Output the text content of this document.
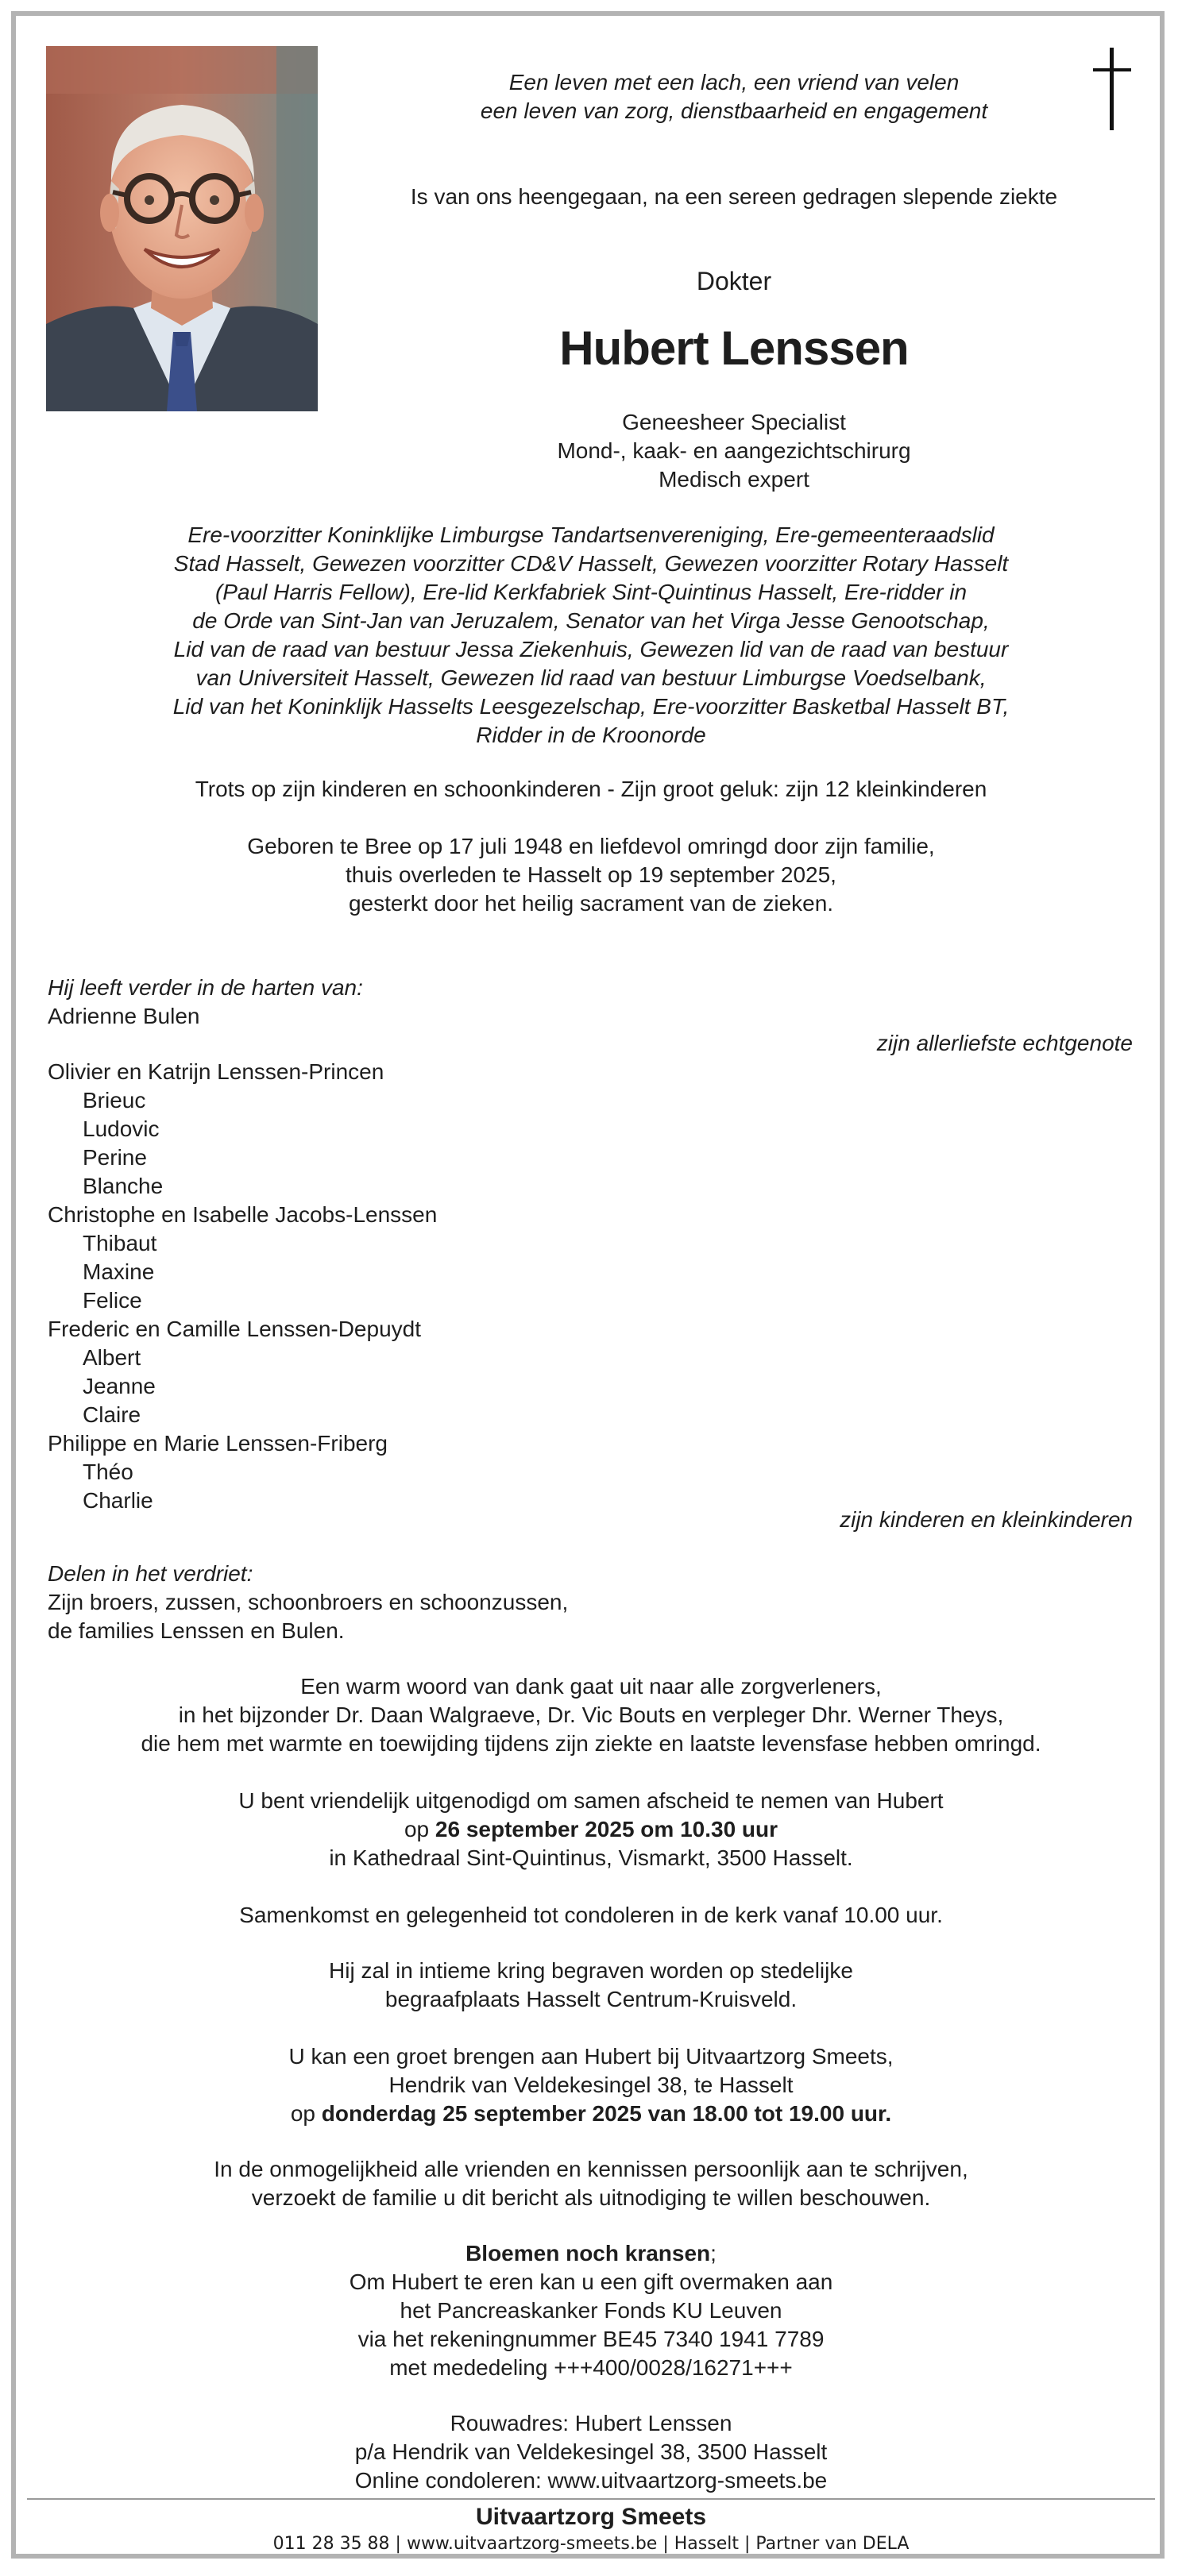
Een leven met een lach, een vriend van velen
een leven van zorg, dienstbaarheid en engagement
Is van ons heengegaan, na een sereen gedragen slepende ziekte
Dokter
Hubert Lenssen
Geneesheer Specialist
Mond-, kaak- en aangezichtschirurg
Medisch expert
Ere-voorzitter Koninklijke Limburgse Tandartsenvereniging, Ere-gemeenteraadslid
Stad Hasselt, Gewezen voorzitter CD&V Hasselt, Gewezen voorzitter Rotary Hasselt
(Paul Harris Fellow), Ere-lid Kerkfabriek Sint-Quintinus Hasselt, Ere-ridder in
de Orde van Sint-Jan van Jeruzalem, Senator van het Virga Jesse Genootschap,
Lid van de raad van bestuur Jessa Ziekenhuis, Gewezen lid van de raad van bestuur
van Universiteit Hasselt, Gewezen lid raad van bestuur Limburgse Voedselbank,
Lid van het Koninklijk Hasselts Leesgezelschap, Ere-voorzitter Basketbal Hasselt BT,
Ridder in de Kroonorde
Trots op zijn kinderen en schoonkinderen - Zijn groot geluk: zijn 12 kleinkinderen
Geboren te Bree op 17 juli 1948 en liefdevol omringd door zijn familie,
thuis overleden te Hasselt op 19 september 2025,
gesterkt door het heilig sacrament van de zieken.
Hij leeft verder in de harten van:
Adrienne Bulen
zijn allerliefste echtgenote
Olivier en Katrijn Lenssen-Princen
Brieuc
Ludovic
Perine
Blanche
Christophe en Isabelle Jacobs-Lenssen
Thibaut
Maxine
Felice
Frederic en Camille Lenssen-Depuydt
Albert
Jeanne
Claire
Philippe en Marie Lenssen-Friberg
Théo
Charlie
zijn kinderen en kleinkinderen
Delen in het verdriet:
Zijn broers, zussen, schoonbroers en schoonzussen,
de families Lenssen en Bulen.
Een warm woord van dank gaat uit naar alle zorgverleners,
in het bijzonder Dr. Daan Walgraeve, Dr. Vic Bouts en verpleger Dhr. Werner Theys,
die hem met warmte en toewijding tijdens zijn ziekte en laatste levensfase hebben omringd.
U bent vriendelijk uitgenodigd om samen afscheid te nemen van Hubert
op 26 september 2025 om 10.30 uur
in Kathedraal Sint-Quintinus, Vismarkt, 3500 Hasselt.
Samenkomst en gelegenheid tot condoleren in de kerk vanaf 10.00 uur.
Hij zal in intieme kring begraven worden op stedelijke
begraafplaats Hasselt Centrum-Kruisveld.
U kan een groet brengen aan Hubert bij Uitvaartzorg Smeets,
Hendrik van Veldekesingel 38, te Hasselt
op donderdag 25 september 2025 van 18.00 tot 19.00 uur.
In de onmogelijkheid alle vrienden en kennissen persoonlijk aan te schrijven,
verzoekt de familie u dit bericht als uitnodiging te willen beschouwen.
Bloemen noch kransen;
Om Hubert te eren kan u een gift overmaken aan
het Pancreaskanker Fonds KU Leuven
via het rekeningnummer BE45 7340 1941 7789
met mededeling +++400/0028/16271+++
Rouwadres: Hubert Lenssen
p/a Hendrik van Veldekesingel 38, 3500 Hasselt
Online condoleren: www.uitvaartzorg-smeets.be
Uitvaartzorg Smeets
011 28 35 88 | www.uitvaartzorg-smeets.be | Hasselt | Partner van DELA
